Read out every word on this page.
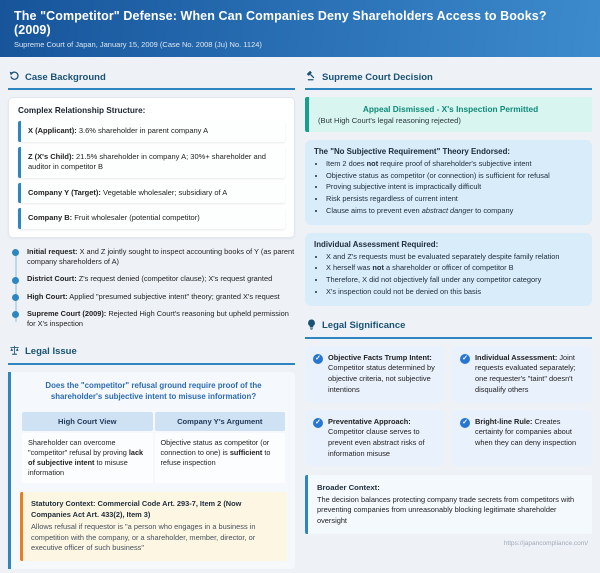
The "Competitor" Defense: When Can Companies Deny Shareholders Access to Books? (2009)
Supreme Court of Japan, January 15, 2009 (Case No. 2008 (Ju) No. 1124)
Case Background
Complex Relationship Structure:
X (Applicant): 3.6% shareholder in parent company A
Z (X's Child): 21.5% shareholder in company A; 30%+ shareholder and auditor in competitor B
Company Y (Target): Vegetable wholesaler; subsidiary of A
Company B: Fruit wholesaler (potential competitor)
Initial request: X and Z jointly sought to inspect accounting books of Y (as parent company shareholders of A)
District Court: Z's request denied (competitor clause); X's request granted
High Court: Applied "presumed subjective intent" theory; granted X's request
Supreme Court (2009): Rejected High Court's reasoning but upheld permission for X's inspection
Legal Issue
Does the "competitor" refusal ground require proof of the shareholder's subjective intent to misuse information?
High Court View	Company Y's Argument
Shareholder can overcome "competitor" refusal by proving lack of subjective intent to misuse information	Objective status as competitor (or connection to one) is sufficient to refuse inspection
Statutory Context: Commercial Code Art. 293-7, Item 2 (Now Companies Act Art. 433(2), Item 3)
Allows refusal if requestor is "a person who engages in a business in competition with the company, or a shareholder, member, director, or executive officer of such business"
Supreme Court Decision
Appeal Dismissed - X's Inspection Permitted
(But High Court's legal reasoning rejected)
The "No Subjective Requirement" Theory Endorsed:
• Item 2 does not require proof of shareholder's subjective intent
• Objective status as competitor (or connection) is sufficient for refusal
• Proving subjective intent is impractically difficult
• Risk persists regardless of current intent
• Clause aims to prevent even abstract danger to company
Individual Assessment Required:
• X and Z's requests must be evaluated separately despite family relation
• X herself was not a shareholder or officer of competitor B
• Therefore, X did not objectively fall under any competitor category
• X's inspection could not be denied on this basis
Legal Significance
✓ Objective Facts Trump Intent: Competitor status determined by objective criteria, not subjective intentions
✓ Individual Assessment: Joint requests evaluated separately; one requester's "taint" doesn't disqualify others
✓ Preventative Approach: Competitor clause serves to prevent even abstract risks of information misuse
✓ Bright-line Rule: Creates certainty for companies about when they can deny inspection
Broader Context:
The decision balances protecting company trade secrets from competitors with preventing companies from unreasonably blocking legitimate shareholder oversight
https://japancompliance.com/
